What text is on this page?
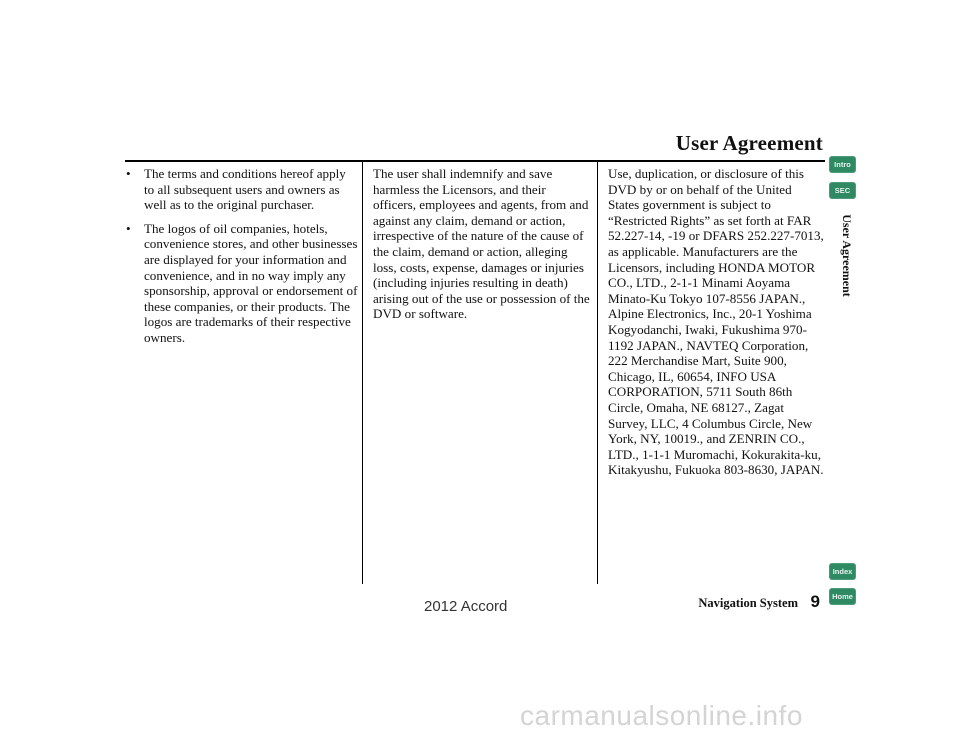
User Agreement
• The terms and conditions hereof apply to all subsequent users and owners as well as to the original purchaser.
• The logos of oil companies, hotels, convenience stores, and other businesses are displayed for your information and convenience, and in no way imply any sponsorship, approval or endorsement of these companies, or their products. The logos are trademarks of their respective owners.

The user shall indemnify and save harmless the Licensors, and their officers, employees and agents, from and against any claim, demand or action, irrespective of the nature of the cause of the claim, demand or action, alleging loss, costs, expense, damages or injuries (including injuries resulting in death) arising out of the use or possession of the DVD or software.

Use, duplication, or disclosure of this DVD by or on behalf of the United States government is subject to “Restricted Rights” as set forth at FAR 52.227-14, -19 or DFARS 252.227-7013, as applicable. Manufacturers are the Licensors, including HONDA MOTOR CO., LTD., 2-1-1 Minami Aoyama Minato-Ku Tokyo 107-8556 JAPAN., Alpine Electronics, Inc., 20-1 Yoshima Kogyodanchi, Iwaki, Fukushima 970-1192 JAPAN., NAVTEQ Corporation, 222 Merchandise Mart, Suite 900, Chicago, IL, 60654, INFO USA CORPORATION, 5711 South 86th Circle, Omaha, NE 68127., Zagat Survey, LLC, 4 Columbus Circle, New York, NY, 10019., and ZENRIN CO., LTD., 1-1-1 Muromachi, Kokurakita-ku, Kitakyushu, Fukuoka 803-8630, JAPAN.

Intro
SEC
User Agreement
Index
Home
Navigation System 9
2012 Accord
carmanualsonline.info
